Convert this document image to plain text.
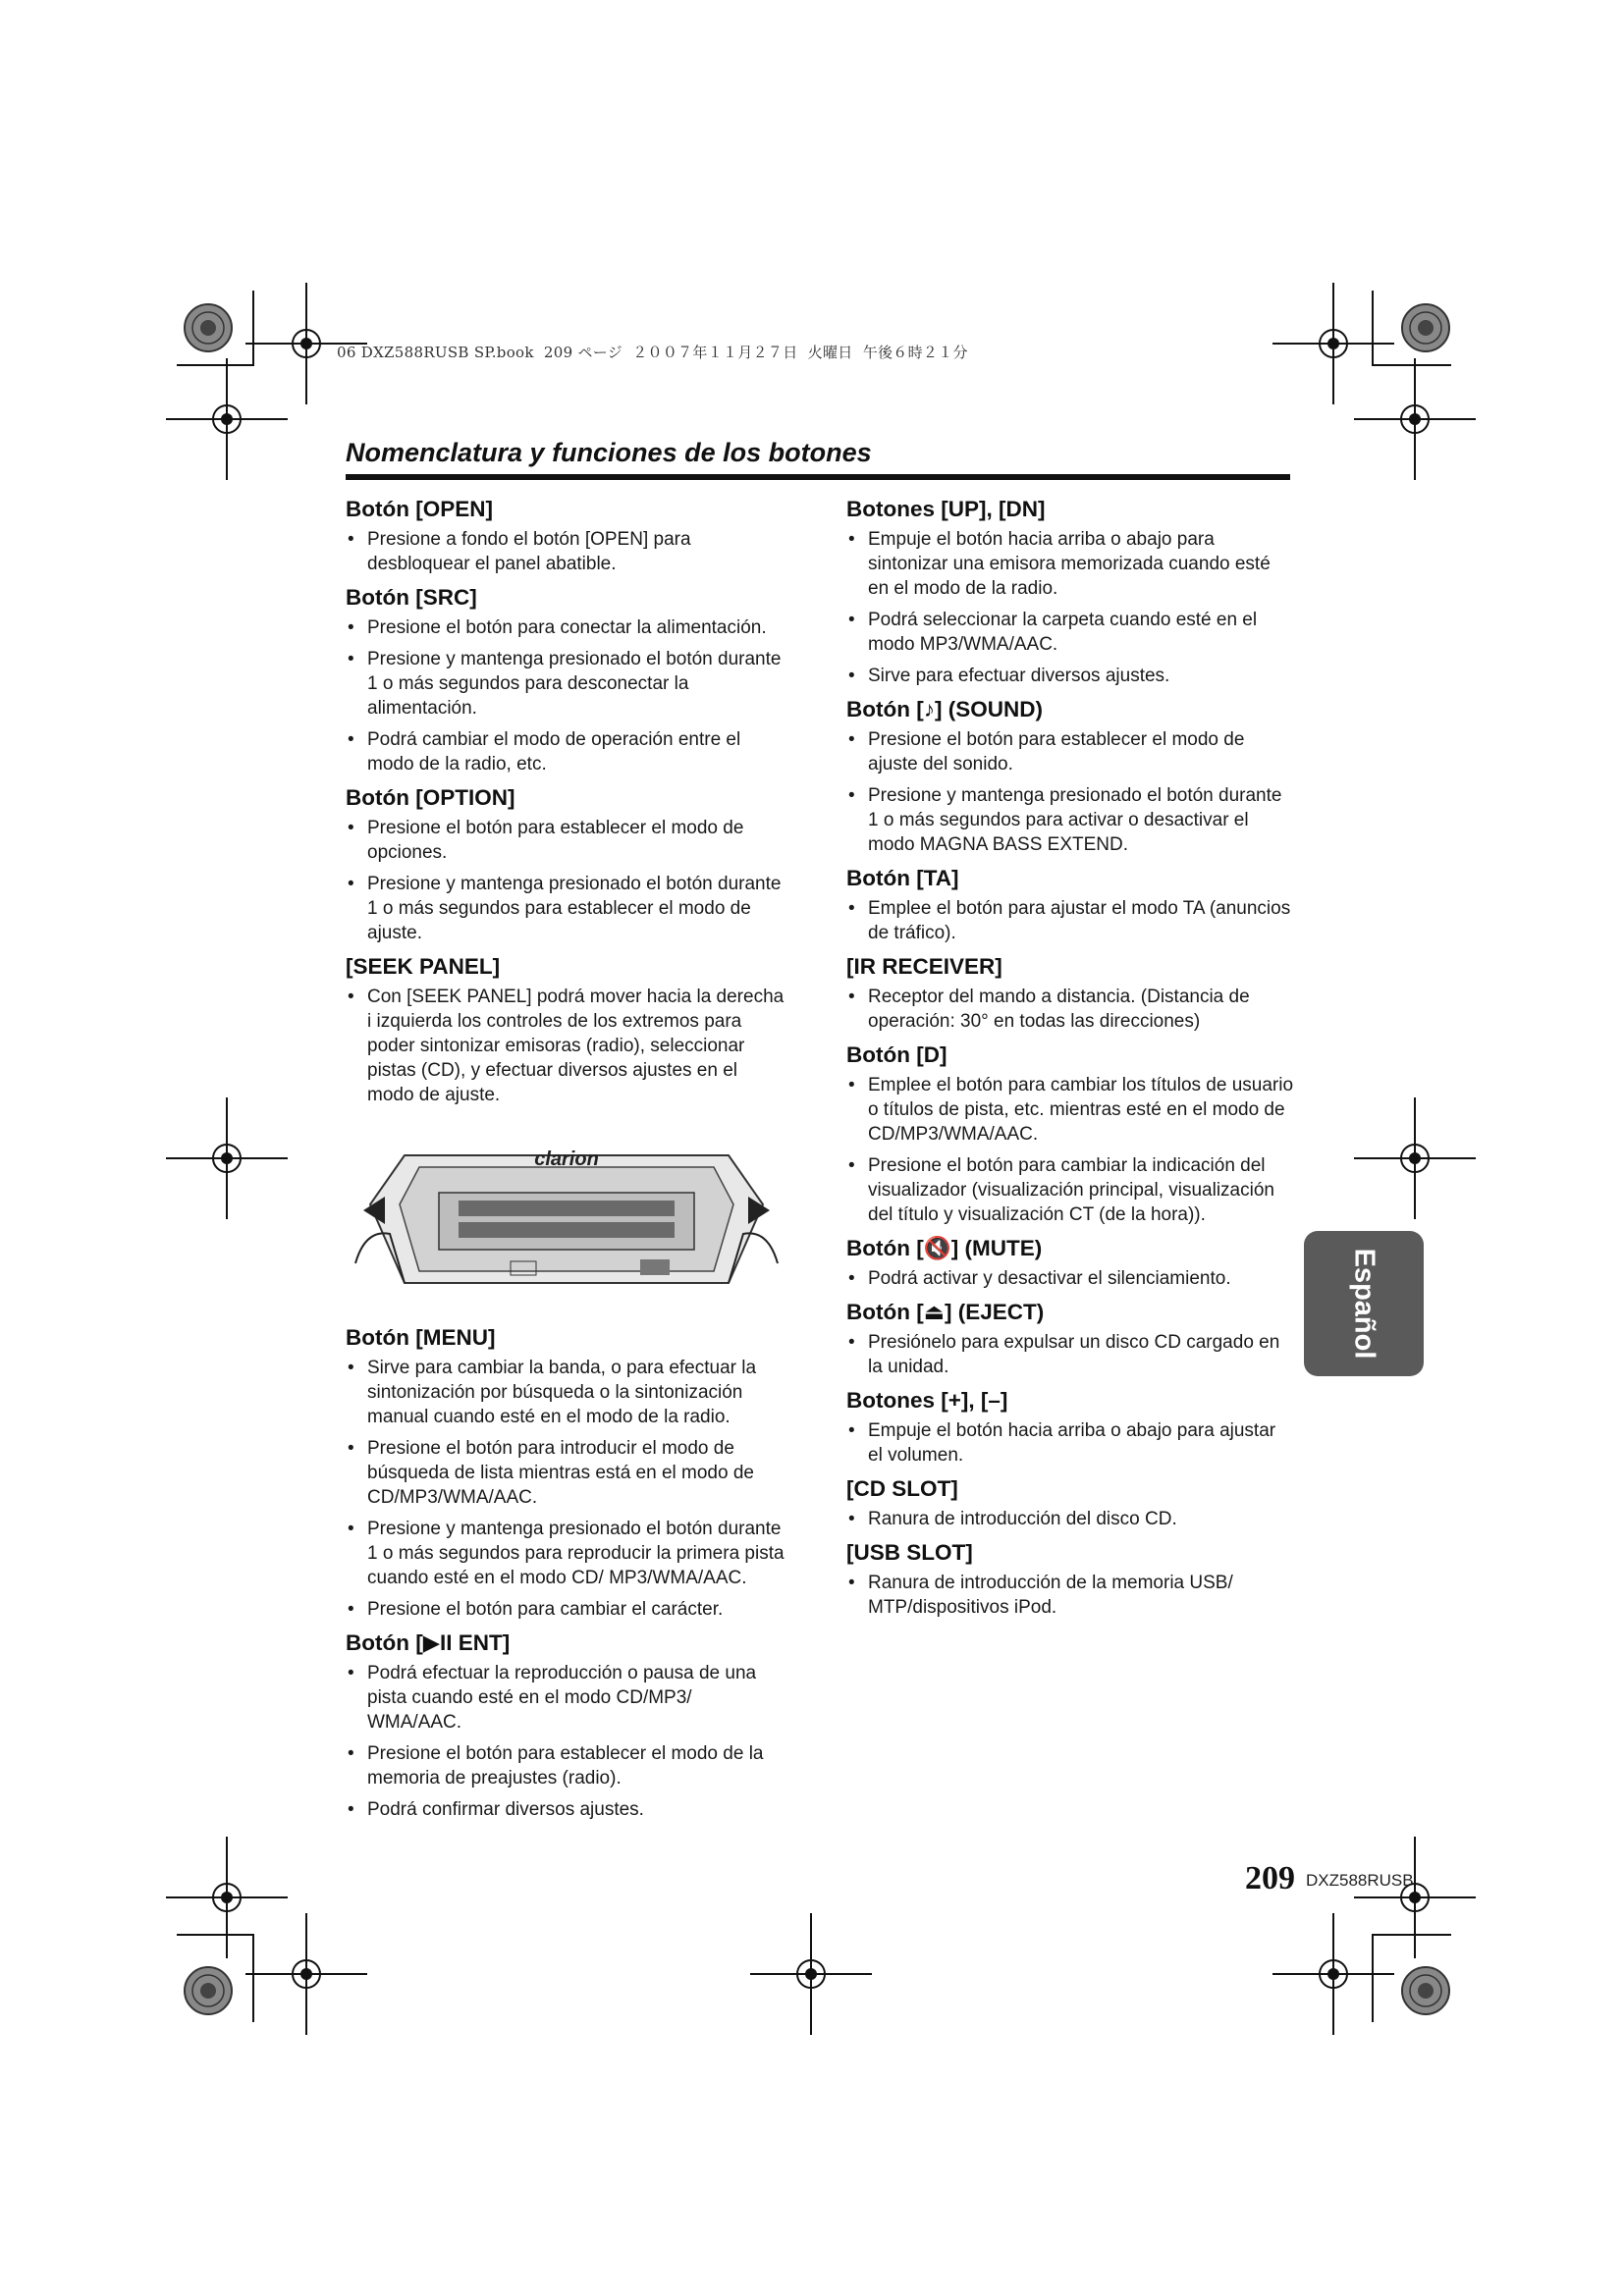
06 DXZ588RUSB SP.book  209 ページ  ２００７年１１月２７日  火曜日  午後６時２１分
Nomenclatura y funciones de los botones
Botón [OPEN]
• Presione a fondo el botón [OPEN] para desbloquear el panel abatible.
Botón [SRC]
• Presione el botón para conectar la alimentación.
• Presione y mantenga presionado el botón durante 1 o más segundos para desconectar la alimentación.
• Podrá cambiar el modo de operación entre el modo de la radio, etc.
Botón [OPTION]
• Presione el botón para establecer el modo de opciones.
• Presione y mantenga presionado el botón durante 1 o más segundos para establecer el modo de ajuste.
[SEEK PANEL]
• Con [SEEK PANEL] podrá mover hacia la derecha i izquierda los controles de los extremos para poder sintonizar emisoras (radio), seleccionar pistas (CD), y efectuar diversos ajustes en el modo de ajuste.
clarion
Botón [MENU]
• Sirve para cambiar la banda, o para efectuar la sintonización por búsqueda o la sintonización manual cuando esté en el modo de la radio.
• Presione el botón para introducir el modo de búsqueda de lista mientras está en el modo de CD/MP3/WMA/AAC.
• Presione y mantenga presionado el botón durante 1 o más segundos para reproducir la primera pista cuando esté en el modo CD/ MP3/WMA/AAC.
• Presione el botón para cambiar el carácter.
Botón [▶II ENT]
• Podrá efectuar la reproducción o pausa de una pista cuando esté en el modo CD/MP3/ WMA/AAC.
• Presione el botón para establecer el modo de la memoria de preajustes (radio).
• Podrá confirmar diversos ajustes.
Botones [UP], [DN]
• Empuje el botón hacia arriba o abajo para sintonizar una emisora memorizada cuando esté en el modo de la radio.
• Podrá seleccionar la carpeta cuando esté en el modo MP3/WMA/AAC.
• Sirve para efectuar diversos ajustes.
Botón [♪] (SOUND)
• Presione el botón para establecer el modo de ajuste del sonido.
• Presione y mantenga presionado el botón durante 1 o más segundos para activar o desactivar el modo MAGNA BASS EXTEND.
Botón [TA]
• Emplee el botón para ajustar el modo TA (anuncios de tráfico).
[IR RECEIVER]
• Receptor del mando a distancia. (Distancia de operación: 30° en todas las direcciones)
Botón [D]
• Emplee el botón para cambiar los títulos de usuario o títulos de pista, etc. mientras esté en el modo de CD/MP3/WMA/AAC.
• Presione el botón para cambiar la indicación del visualizador (visualización principal, visualización del título y visualización CT (de la hora)).
Botón [🔇] (MUTE)
• Podrá activar y desactivar el silenciamiento.
Botón [⏏] (EJECT)
• Presiónelo para expulsar un disco CD cargado en la unidad.
Botones [+], [–]
• Empuje el botón hacia arriba o abajo para ajustar el volumen.
[CD SLOT]
• Ranura de introducción del disco CD.
[USB SLOT]
• Ranura de introducción de la memoria USB/ MTP/dispositivos iPod.
Español
209 DXZ588RUSB
